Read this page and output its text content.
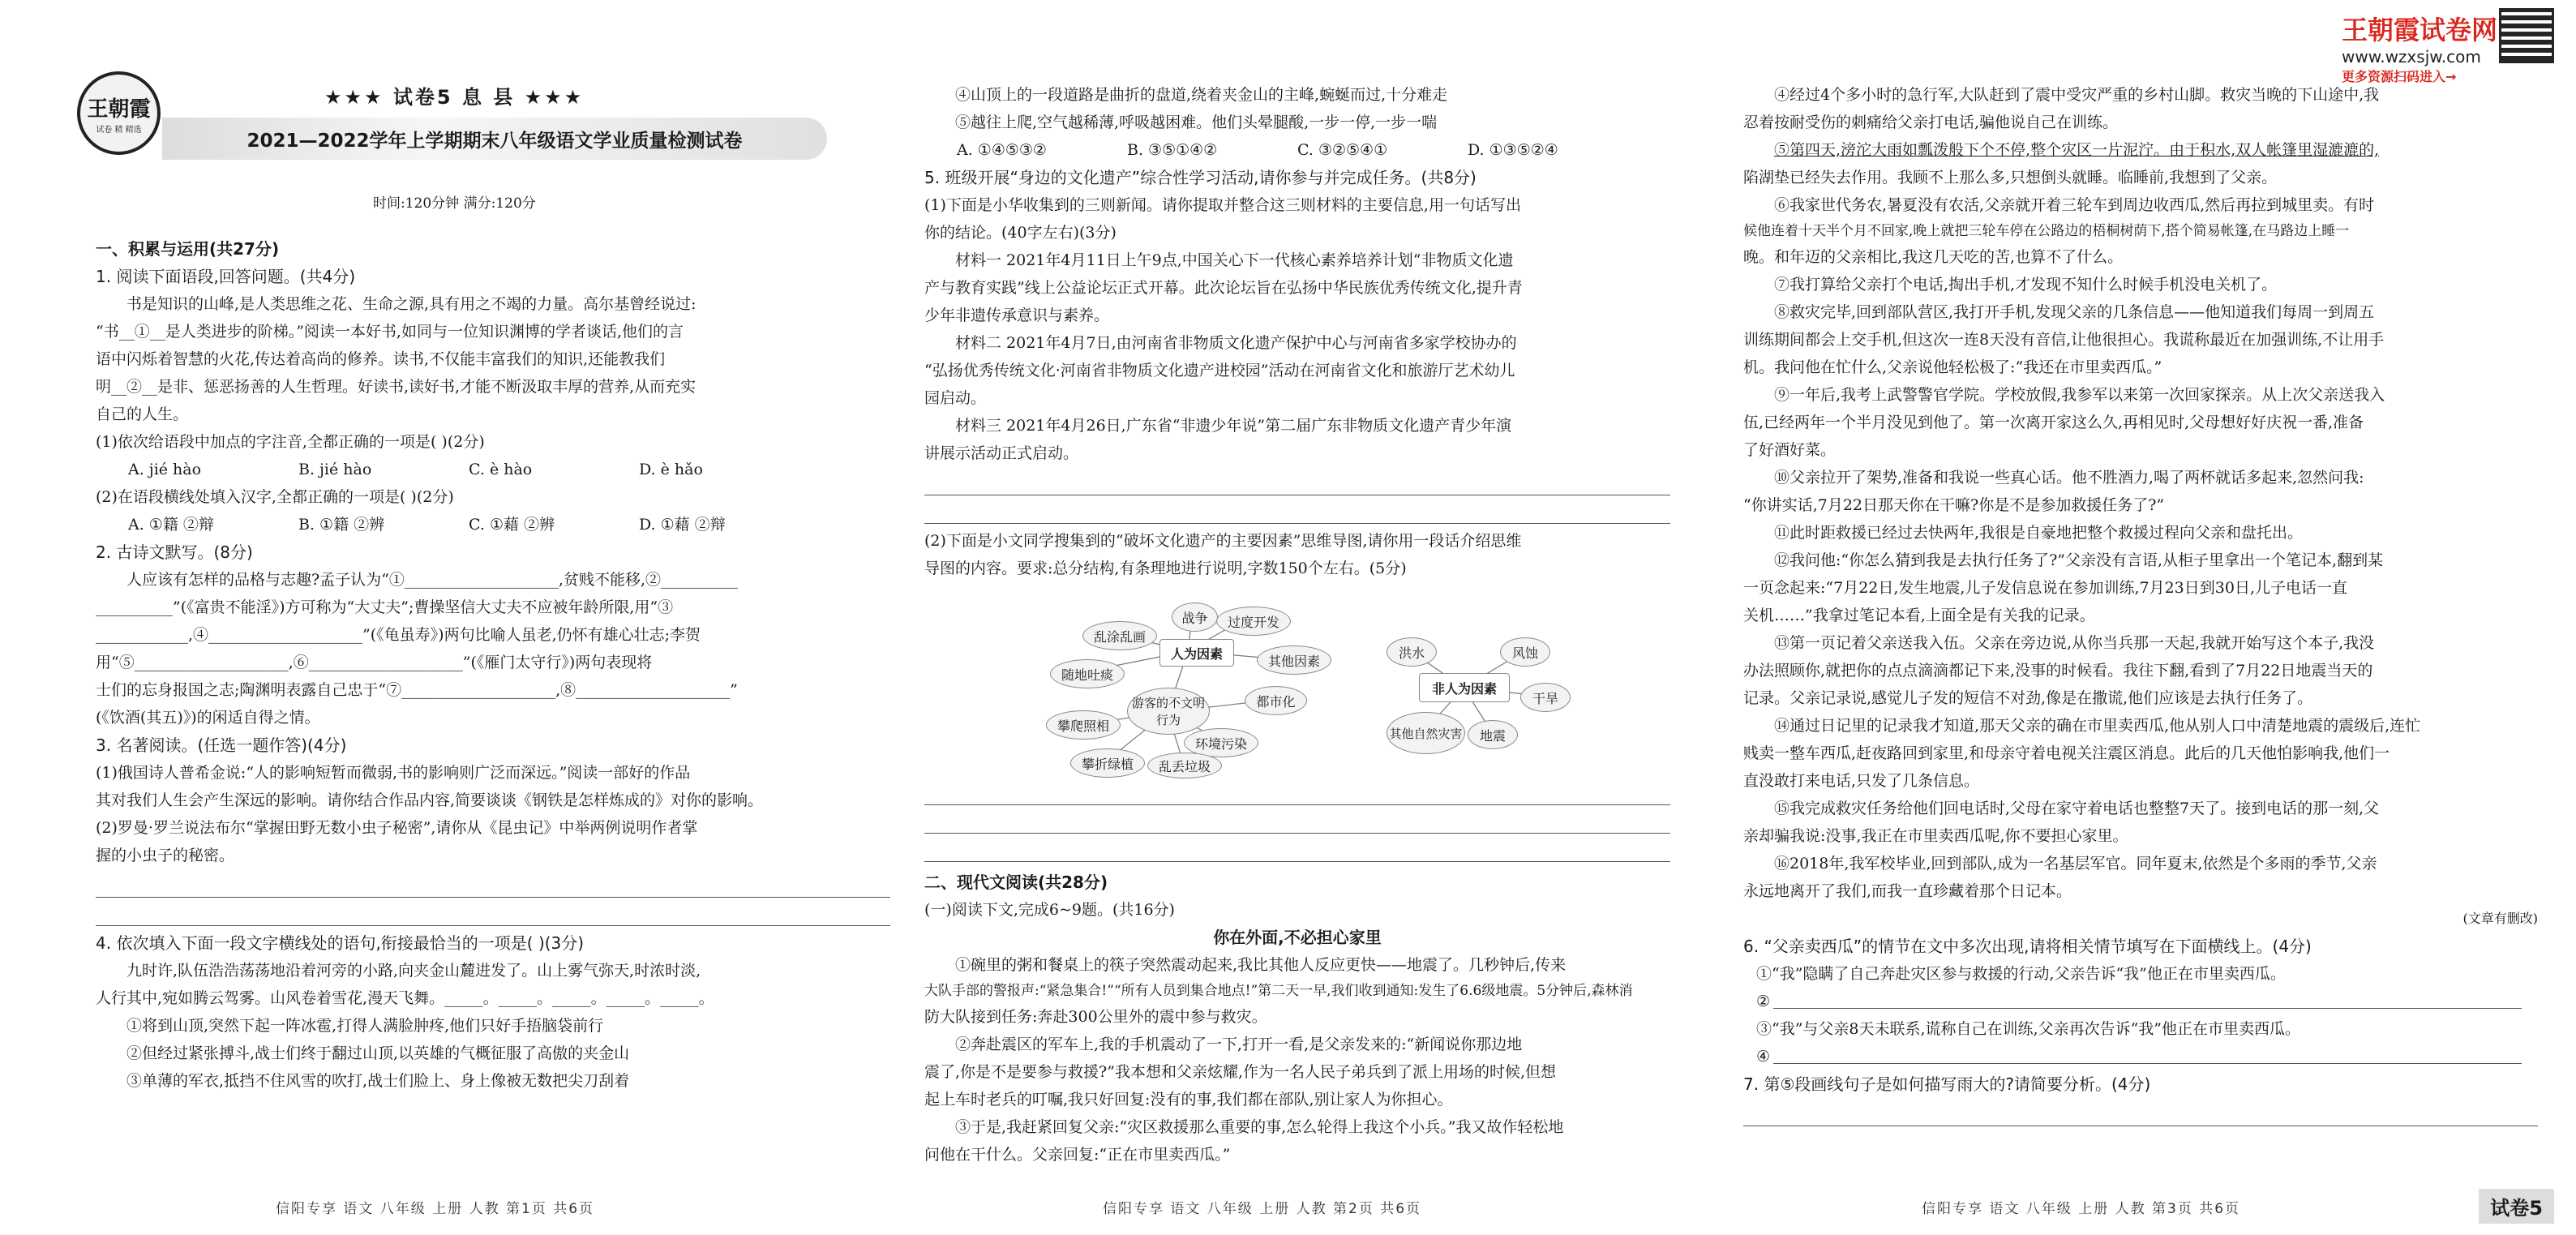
王朝霞
试卷 精 精选
★★★ 试卷5 息 县 ★★★
2021—2022学年上学期期末八年级语文学业质量检测试卷
时间:120分钟 满分:120分

一、积累与运用(共27分)

1. 阅读下面语段,回答问题。(共4分)

书是知识的山峰,是人类思维之花、生命之源,具有用之不竭的力量。高尔基曾经说过:

“书__①__是人类进步的阶梯。”阅读一本好书,如同与一位知识渊博的学者谈话,他们的言

语中闪烁着智慧的火花,传达着高尚的修养。读书,不仅能丰富我们的知识,还能教我们

明__②__是非、惩恶扬善的人生哲理。好读书,读好书,才能不断汲取丰厚的营养,从而充实

自己的人生。

(1)依次给语段中加点的字注音,全都正确的一项是( )(2分)

A. jié hào	B. jié hào	C. è hào	D. è hǎo

(2)在语段横线处填入汉字,全都正确的一项是( )(2分)

A. ①籍 ②辩	B. ①籍 ②辨	C. ①藉 ②辨	D. ①藉 ②辩

2. 古诗文默写。(8分)

人应该有怎样的品格与志趣?孟子认为“①____________________,贫贱不能移,②__________

__________”(《富贵不能淫》)方可称为“大丈夫”;曹操坚信大丈夫不应被年龄所限,用“③

____________,④____________________”(《龟虽寿》)两句比喻人虽老,仍怀有雄心壮志;李贺

用“⑤____________________,⑥____________________”(《雁门太守行》)两句表现将

士们的忘身报国之志;陶渊明表露自己忠于“⑦____________________,⑧____________________”

(《饮酒(其五)》)的闲适自得之情。

3. 名著阅读。(任选一题作答)(4分)

(1)俄国诗人普希金说:“人的影响短暂而微弱,书的影响则广泛而深远。”阅读一部好的作品

其对我们人生会产生深远的影响。请你结合作品内容,简要谈谈《钢铁是怎样炼成的》对你的影响。

(2)罗曼·罗兰说法布尔“掌握田野无数小虫子秘密”,请你从《昆虫记》中举两例说明作者掌

握的小虫子的秘密。

4. 依次填入下面一段文字横线处的语句,衔接最恰当的一项是( )(3分)

九时许,队伍浩浩荡荡地沿着河旁的小路,向夹金山麓进发了。山上雾气弥天,时浓时淡,

人行其中,宛如腾云驾雾。山风卷着雪花,漫天飞舞。_____。_____。_____。_____。_____。

①将到山顶,突然下起一阵冰雹,打得人满脸肿疼,他们只好手捂脑袋前行

②但经过紧张搏斗,战士们终于翻过山顶,以英雄的气概征服了高傲的夹金山

③单薄的军衣,抵挡不住风雪的吹打,战士们脸上、身上像被无数把尖刀刮着

信阳专享 语文 八年级 上册 人教 第1页 共6页

④山顶上的一段道路是曲折的盘道,绕着夹金山的主峰,蜿蜒而过,十分难走

⑤越往上爬,空气越稀薄,呼吸越困难。他们头晕腿酸,一步一停,一步一喘

A. ①④⑤③②	B. ③⑤①④②	C. ③②⑤④①	D. ①③⑤②④

5. 班级开展“身边的文化遗产”综合性学习活动,请你参与并完成任务。(共8分)

(1)下面是小华收集到的三则新闻。请你提取并整合这三则材料的主要信息,用一句话写出

你的结论。(40字左右)(3分)

材料一 2021年4月11日上午9点,中国关心下一代核心素养培养计划“非物质文化遗

产与教育实践”线上公益论坛正式开幕。此次论坛旨在弘扬中华民族优秀传统文化,提升青

少年非遗传承意识与素养。

材料二 2021年4月7日,由河南省非物质文化遗产保护中心与河南省多家学校协办的

“弘扬优秀传统文化·河南省非物质文化遗产进校园”活动在河南省文化和旅游厅艺术幼儿

园启动。

材料三 2021年4月26日,广东省“非遗少年说”第二届广东非物质文化遗产青少年演

讲展示活动正式启动。

(2)下面是小文同学搜集到的“破坏文化遗产的主要因素”思维导图,请你用一段话介绍思维

导图的内容。要求:总分结构,有条理地进行说明,字数150个左右。(5分)

人为因素
战争	过度开发
乱涂乱画
随地吐痰
其他因素
游客的不文明行为
攀爬照相
都市化
攀折绿植
环境污染
乱丢垃圾
非人为因素
洪水	风蚀
干旱
其他自然灾害	地震

二、现代文阅读(共28分)

(一)阅读下文,完成6~9题。(共16分)

你在外面,不必担心家里

①碗里的粥和餐桌上的筷子突然震动起来,我比其他人反应更快——地震了。几秒钟后,传来

大队手部的警报声:“紧急集合!”“所有人员到集合地点!”第二天一早,我们收到通知:发生了6.6级地震。5分钟后,森林消

防大队接到任务:奔赴300公里外的震中参与救灾。

②奔赴震区的军车上,我的手机震动了一下,打开一看,是父亲发来的:“新闻说你那边地

震了,你是不是要参与救援?”我本想和父亲炫耀,作为一名人民子弟兵到了派上用场的时候,但想

起上车时老兵的叮嘱,我只好回复:没有的事,我们都在部队,别让家人为你担心。

③于是,我赶紧回复父亲:“灾区救援那么重要的事,怎么轮得上我这个小兵。”我又故作轻松地

问他在干什么。父亲回复:“正在市里卖西瓜。”

信阳专享 语文 八年级 上册 人教 第2页 共6页
王朝霞试卷网
www.wzxsjw.com
更多资源扫码进入→

④经过4个多小时的急行军,大队赶到了震中受灾严重的乡村山脚。救灾当晚的下山途中,我

忍着按耐受伤的刺痛给父亲打电话,骗他说自己在训练。

⑤第四天,滂沱大雨如瓢泼般下个不停,整个灾区一片泥泞。由于积水,双人帐篷里湿漉漉的,

陷湖垫已经失去作用。我顾不上那么多,只想倒头就睡。临睡前,我想到了父亲。

⑥我家世代务农,暑夏没有农活,父亲就开着三轮车到周边收西瓜,然后再拉到城里卖。有时

候他连着十天半个月不回家,晚上就把三轮车停在公路边的梧桐树荫下,搭个简易帐篷,在马路边上睡一

晚。和年迈的父亲相比,我这几天吃的苦,也算不了什么。

⑦我打算给父亲打个电话,掏出手机,才发现不知什么时候手机没电关机了。

⑧救灾完毕,回到部队营区,我打开手机,发现父亲的几条信息——他知道我们每周一到周五

训练期间都会上交手机,但这次一连8天没有音信,让他很担心。我谎称最近在加强训练,不让用手

机。我问他在忙什么,父亲说他轻松极了:“我还在市里卖西瓜。”

⑨一年后,我考上武警警官学院。学校放假,我参军以来第一次回家探亲。从上次父亲送我入

伍,已经两年一个半月没见到他了。第一次离开家这么久,再相见时,父母想好好庆祝一番,准备

了好酒好菜。

⑩父亲拉开了架势,准备和我说一些真心话。他不胜酒力,喝了两杯就话多起来,忽然问我:

“你讲实话,7月22日那天你在干嘛?你是不是参加救援任务了?”

⑪此时距救援已经过去快两年,我很是自豪地把整个救援过程向父亲和盘托出。

⑫我问他:“你怎么猜到我是去执行任务了?”父亲没有言语,从柜子里拿出一个笔记本,翻到某

一页念起来:“7月22日,发生地震,儿子发信息说在参加训练,7月23日到30日,儿子电话一直

关机……”我拿过笔记本看,上面全是有关我的记录。

⑬第一页记着父亲送我入伍。父亲在旁边说,从你当兵那一天起,我就开始写这个本子,我没

办法照顾你,就把你的点点滴滴都记下来,没事的时候看。我往下翻,看到了7月22日地震当天的

记录。父亲记录说,感觉儿子发的短信不对劲,像是在撒谎,他们应该是去执行任务了。

⑭通过日记里的记录我才知道,那天父亲的确在市里卖西瓜,他从别人口中清楚地震的震级后,连忙

贱卖一整车西瓜,赶夜路回到家里,和母亲守着电视关注震区消息。此后的几天他怕影响我,他们一

直没敢打来电话,只发了几条信息。

⑮我完成救灾任务给他们回电话时,父母在家守着电话也整整7天了。接到电话的那一刻,父

亲却骗我说:没事,我正在市里卖西瓜呢,你不要担心家里。

⑯2018年,我军校毕业,回到部队,成为一名基层军官。同年夏末,依然是个多雨的季节,父亲

永远地离开了我们,而我一直珍藏着那个日记本。

(文章有删改)

6. “父亲卖西瓜”的情节在文中多次出现,请将相关情节填写在下面横线上。(4分)

①“我”隐瞒了自己奔赴灾区参与救援的行动,父亲告诉“我”他正在市里卖西瓜。

②

③“我”与父亲8天未联系,谎称自己在训练,父亲再次告诉“我”他正在市里卖西瓜。

④

7. 第⑤段画线句子是如何描写雨大的?请简要分析。(4分)

信阳专享 语文 八年级 上册 人教 第3页 共6页	试卷5
